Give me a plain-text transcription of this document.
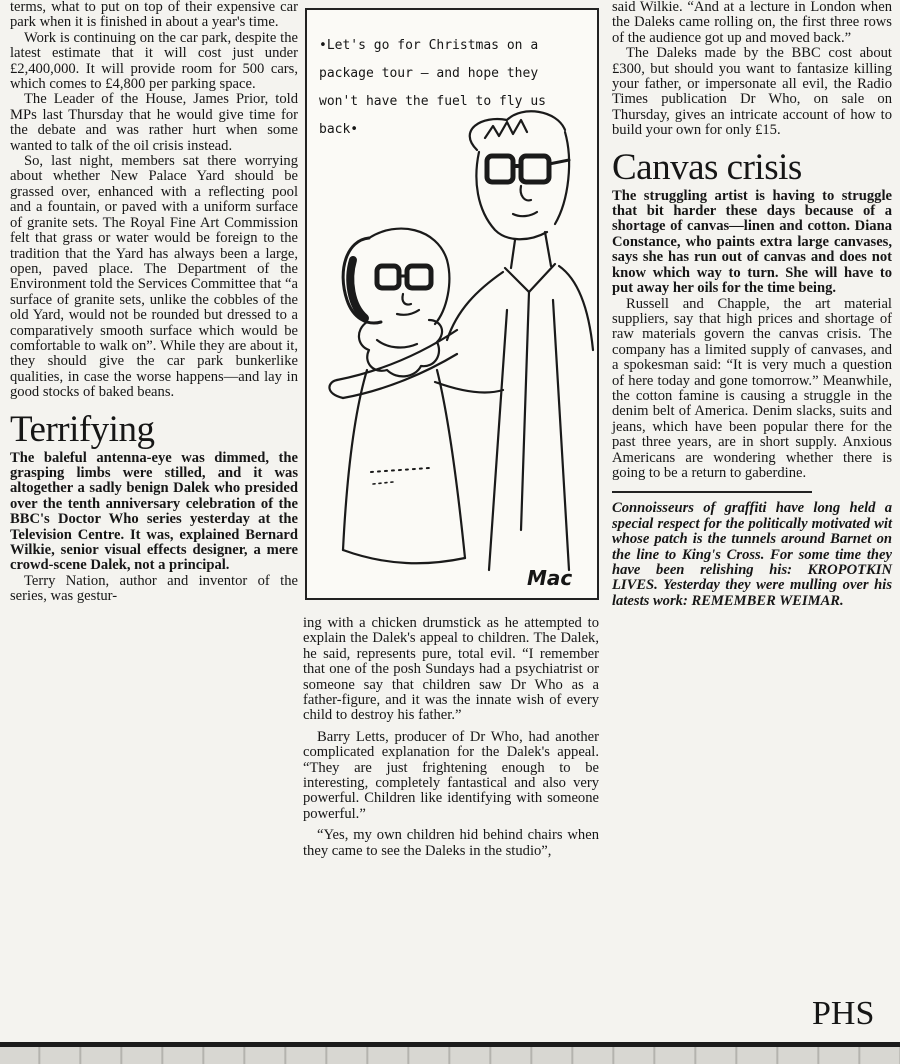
terms, what to put on top of their expensive car park when it is finished in about a year's time.

Work is continuing on the car park, despite the latest estimate that it will cost just under £2,400,000. It will provide room for 500 cars, which comes to £4,800 per parking space.

The Leader of the House, James Prior, told MPs last Thursday that he would give time for the debate and was rather hurt when some wanted to talk of the oil crisis instead.

So, last night, members sat there worrying about whether New Palace Yard should be grassed over, enhanced with a reflecting pool and a fountain, or paved with a uniform surface of granite sets. The Royal Fine Art Commission felt that grass or water would be foreign to the tradition that the Yard has always been a large, open, paved place. The Department of the Environment told the Services Committee that “a surface of granite sets, unlike the cobbles of the old Yard, would not be rounded but dressed to a comparatively smooth surface which would be comfortable to walk on”. While they are about it, they should give the car park bunkerlike qualities, in case the worse happens—and lay in good stocks of baked beans.

Terrifying

The baleful antenna-eye was dimmed, the grasping limbs were stilled, and it was altogether a sadly benign Dalek who presided over the tenth anniversary celebration of the BBC's Doctor Who series yesterday at the Television Centre. It was, explained Bernard Wilkie, senior visual effects designer, a mere crowd-scene Dalek, not a principal.

Terry Nation, author and inventor of the series, was gestur-

•Let's go for Christmas on a package tour – and hope they won't have the fuel to fly us back•
Mac

ing with a chicken drumstick as he attempted to explain the Dalek's appeal to children. The Dalek, he said, represents pure, total evil. “I remember that one of the posh Sundays had a psychiatrist or someone say that children saw Dr Who as a father-figure, and it was the innate wish of every child to destroy his father.”

Barry Letts, producer of Dr Who, had another complicated explanation for the Dalek's appeal. “They are just frightening enough to be interesting, completely fantastical and also very powerful. Children like identifying with someone powerful.”

“Yes, my own children hid behind chairs when they came to see the Daleks in the studio”,

said Wilkie. “And at a lecture in London when the Daleks came rolling on, the first three rows of the audience got up and moved back.”

The Daleks made by the BBC cost about £300, but should you want to fantasize killing your father, or impersonate all evil, the Radio Times publication Dr Who, on sale on Thursday, gives an intricate account of how to build your own for only £15.

Canvas crisis

The struggling artist is having to struggle that bit harder these days because of a shortage of canvas—linen and cotton. Diana Constance, who paints extra large canvases, says she has run out of canvas and does not know which way to turn. She will have to put away her oils for the time being.

Russell and Chapple, the art material suppliers, say that high prices and shortage of raw materials govern the canvas crisis. The company has a limited supply of canvases, and a spokesman said: “It is very much a question of here today and gone tomorrow.” Meanwhile, the cotton famine is causing a struggle in the denim belt of America. Denim slacks, suits and jeans, which have been popular there for the past three years, are in short supply. Anxious Americans are wondering whether there is going to be a return to gaberdine.

Connoisseurs of graffiti have long held a special respect for the politically motivated wit whose patch is the tunnels around Barnet on the line to King's Cross. For some time they have been relishing his: KROPOTKIN LIVES. Yesterday they were mulling over his latests work: REMEMBER WEIMAR.

PHS
